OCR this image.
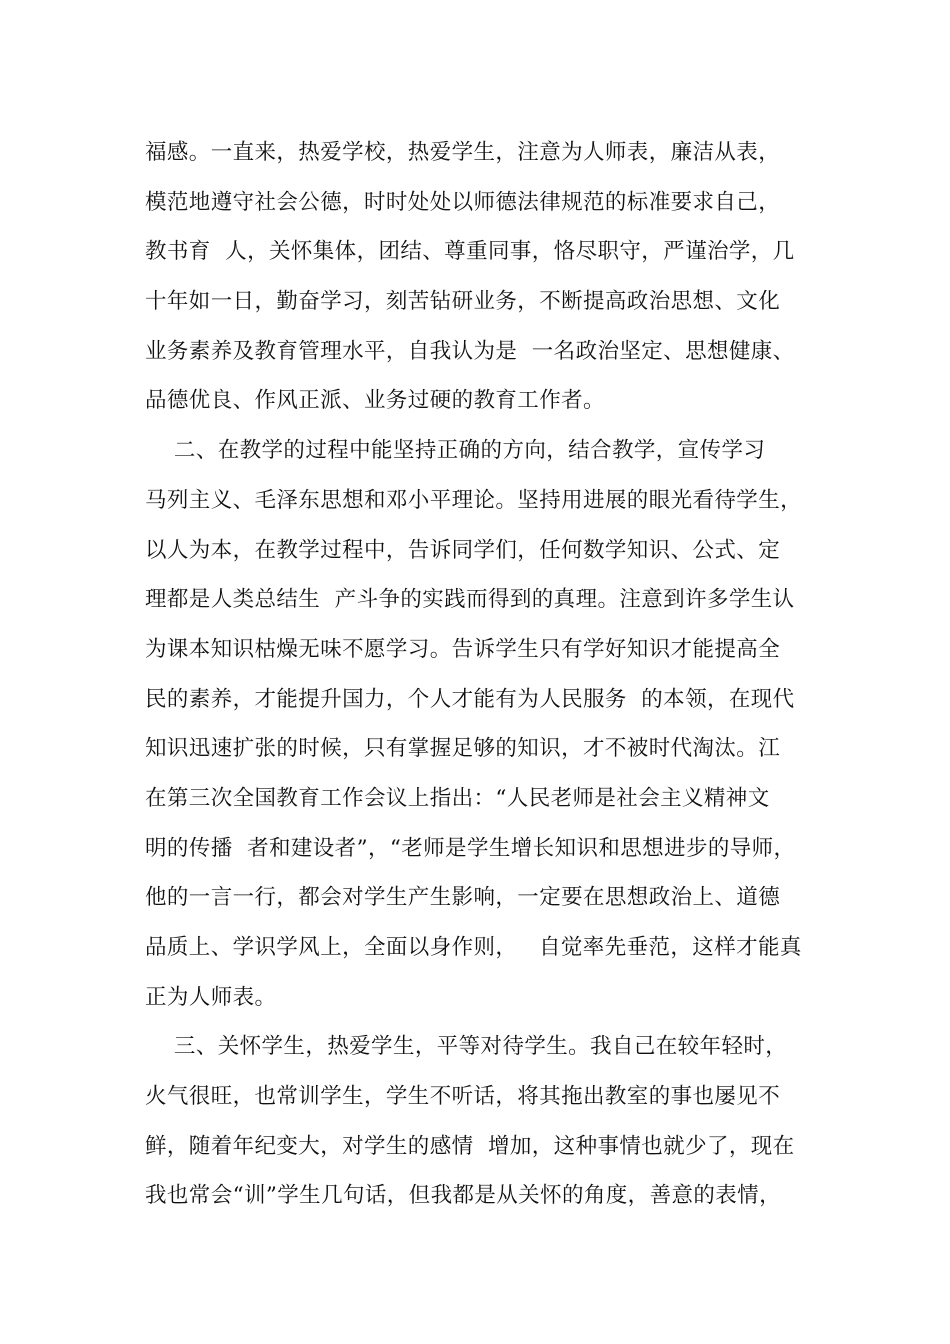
福感。一直来，热爱学校，热爱学生，注意为人师表，廉洁从表，
模范地遵守社会公德，时时处处以师德法律规范的标准要求自己，
教书育  人，关怀集体，团结、尊重同事，恪尽职守，严谨治学，几
十年如一日，勤奋学习，刻苦钻研业务，不断提高政治思想、文化
业务素养及教育管理水平，自我认为是  一名政治坚定、思想健康、
品德优良、作风正派、业务过硬的教育工作者。
二、在教学的过程中能坚持正确的方向，结合教学，宣传学习
马列主义、毛泽东思想和邓小平理论。坚持用进展的眼光看待学生，
以人为本，在教学过程中，告诉同学们，任何数学知识、公式、定
理都是人类总结生  产斗争的实践而得到的真理。注意到许多学生认
为课本知识枯燥无味不愿学习。告诉学生只有学好知识才能提高全
民的素养，才能提升国力，个人才能有为人民服务  的本领，在现代
知识迅速扩张的时候，只有掌握足够的知识，才不被时代淘汰。江
在第三次全国教育工作会议上指出：“人民老师是社会主义精神文
明的传播  者和建设者”，“老师是学生增长知识和思想进步的导师，
他的一言一行，都会对学生产生影响，一定要在思想政治上、道德
品质上、学识学风上，全面以身作则，   自觉率先垂范，这样才能真
正为人师表。
三、关怀学生，热爱学生，平等对待学生。我自己在较年轻时，
火气很旺，也常训学生，学生不听话，将其拖出教室的事也屡见不
鲜，随着年纪变大，对学生的感情  增加，这种事情也就少了，现在
我也常会“训”学生几句话，但我都是从关怀的角度，善意的表情，
